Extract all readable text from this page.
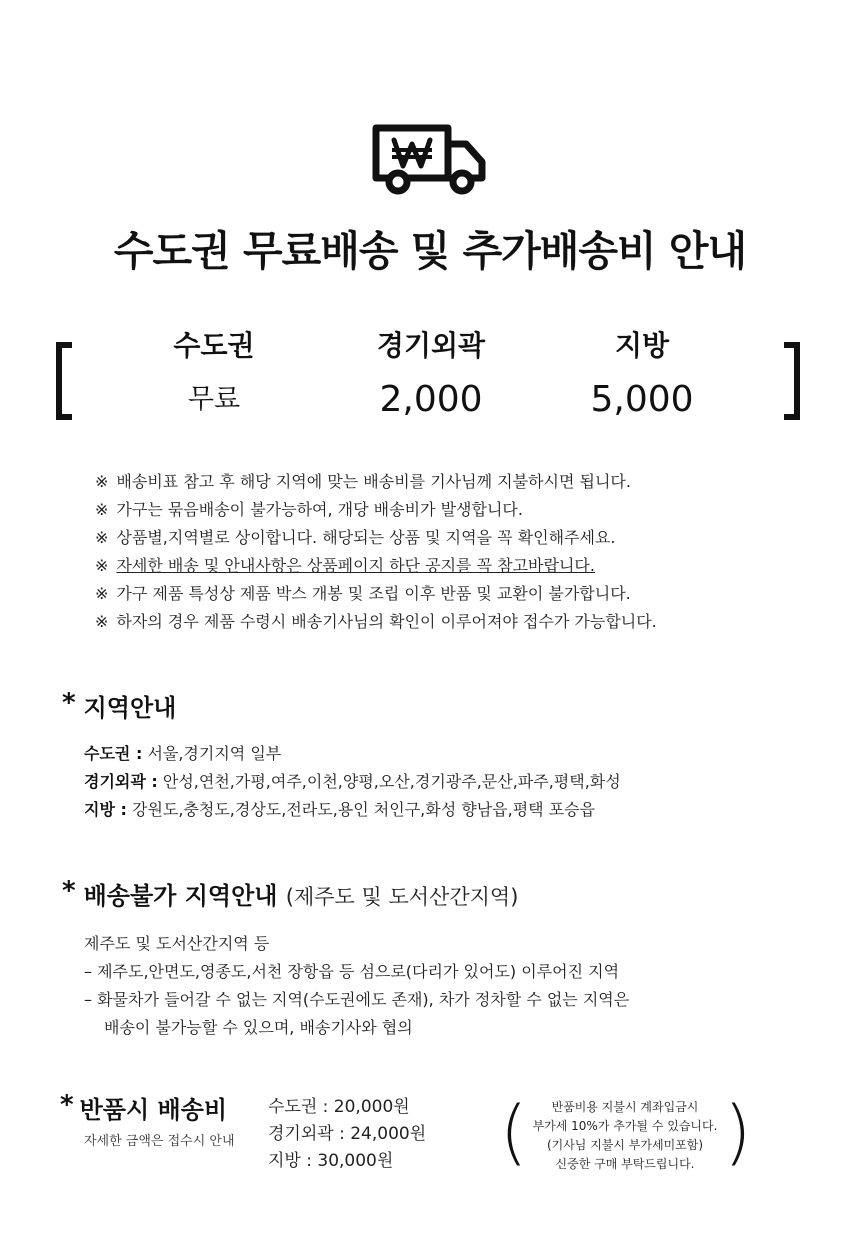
수도권 무료배송 및 추가배송비 안내
수도권
무료
경기외곽
2,000
지방
5,000
※ 배송비표 참고 후 해당 지역에 맞는 배송비를 기사님께 지불하시면 됩니다.
※ 가구는 묶음배송이 불가능하여, 개당 배송비가 발생합니다.
※ 상품별,지역별로 상이합니다. 해당되는 상품 및 지역을 꼭 확인해주세요.
※ 자세한 배송 및 안내사항은 상품페이지 하단 공지를 꼭 참고바랍니다.
※ 가구 제품 특성상 제품 박스 개봉 및 조립 이후 반품 및 교환이 불가합니다.
※ 하자의 경우 제품 수령시 배송기사님의 확인이 이루어져야 접수가 가능합니다.
* 지역안내
수도권 : 서울,경기지역 일부
경기외곽 : 안성,연천,가평,여주,이천,양평,오산,경기광주,문산,파주,평택,화성
지방 : 강원도,충청도,경상도,전라도,용인 처인구,화성 향남읍,평택 포승읍
* 배송불가 지역안내 (제주도 및 도서산간지역)
제주도 및 도서산간지역 등
– 제주도,안면도,영종도,서천 장항읍 등 섬으로(다리가 있어도) 이루어진 지역
– 화물차가 들어갈 수 없는 지역(수도권에도 존재), 차가 정차할 수 없는 지역은
배송이 불가능할 수 있으며, 배송기사와 협의
* 반품시 배송비
자세한 금액은 접수시 안내
수도권 : 20,000원
경기외곽 : 24,000원
지방 : 30,000원	(	반품비용 지불시 계좌입금시
부가세 10%가 추가될 수 있습니다.
(기사님 지불시 부가세미포함)
신중한 구매 부탁드립니다. )
